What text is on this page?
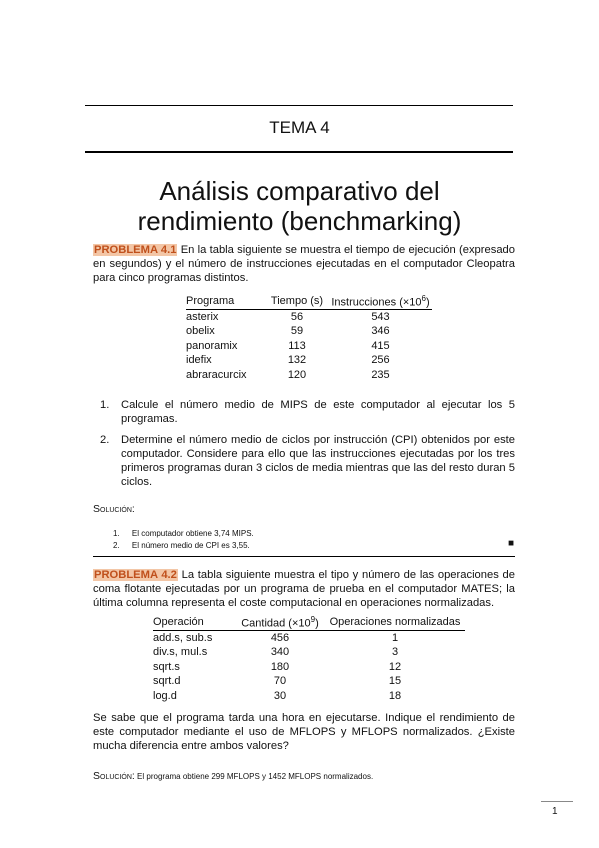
TEMA 4
Análisis comparativo del
rendimiento (benchmarking)
PROBLEMA 4.1 En la tabla siguiente se muestra el tiempo de ejecución (expresado en segundos) y el número de instrucciones ejecutadas en el computador Cleopatra para cinco programas distintos.
Programa	Tiempo (s)	Instrucciones $(\times 10^6)$
asterix	56	543
obelix	59	346
panoramix	113	415
idefix	132	256
abraracurcix	120	235
1. Calcule el número medio de MIPS de este computador al ejecutar los 5 programas.
2. Determine el número medio de ciclos por instrucción (CPI) obtenidos por este computador. Considere para ello que las instrucciones ejecutadas por los tres primeros programas duran 3 ciclos de media mientras que las del resto duran 5 ciclos.
Solución:
1. El computador obtiene 3,74 MIPS.
2. El número medio de CPI es 3,55.	■
PROBLEMA 4.2 La tabla siguiente muestra el tipo y número de las operaciones de coma flotante ejecutadas por un programa de prueba en el computador MATES; la última columna representa el coste computacional en operaciones normalizadas.
Operación	Cantidad $(\times 10^9)$	Operaciones normalizadas
add.s, sub.s	456	1
div.s, mul.s	340	3
sqrt.s	180	12
sqrt.d	70	15
log.d	30	18
Se sabe que el programa tarda una hora en ejecutarse. Indique el rendimiento de este computador mediante el uso de MFLOPS y MFLOPS normalizados. ¿Existe mucha diferencia entre ambos valores?
Solución: El programa obtiene 299 MFLOPS y 1452 MFLOPS normalizados.
1
